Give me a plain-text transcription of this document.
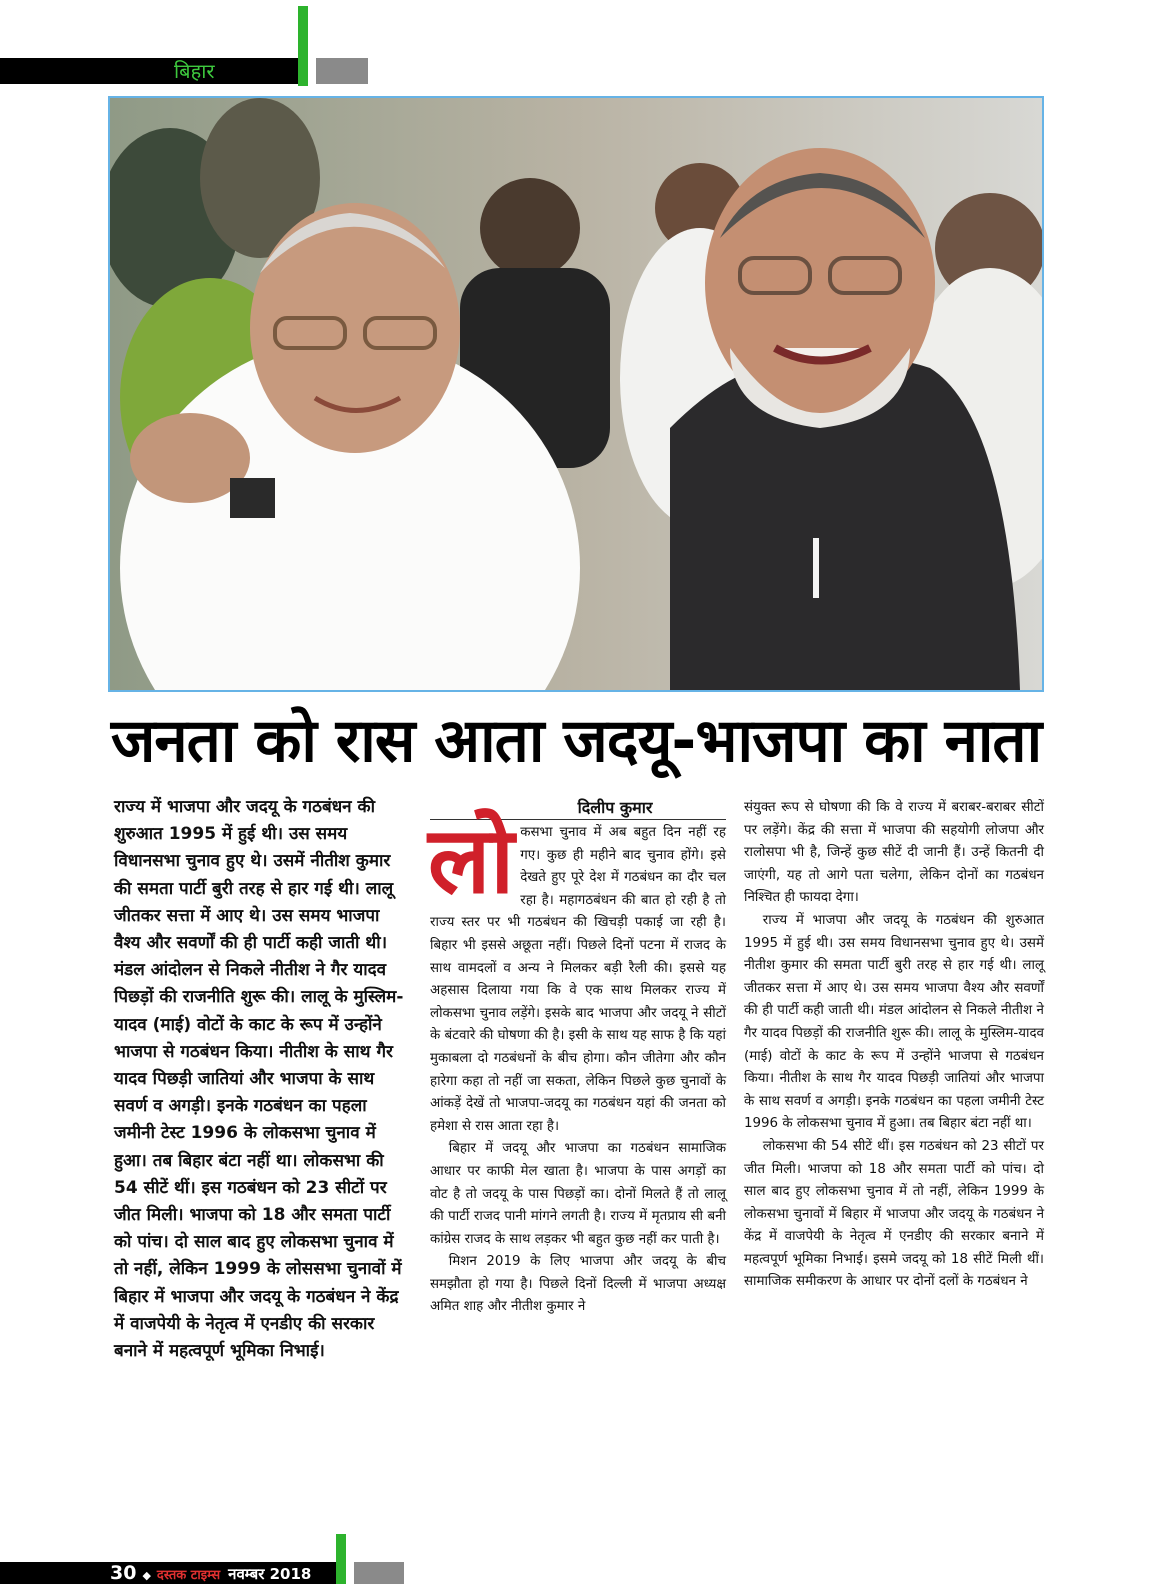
बिहार
जनता को रास आता जदयू-भाजपा का नाता
राज्य में भाजपा और जदयू के गठबंधन की शुरुआत 1995 में हुई थी। उस समय विधानसभा चुनाव हुए थे। उसमें नीतीश कुमार की समता पार्टी बुरी तरह से हार गई थी। लालू जीतकर सत्ता में आए थे। उस समय भाजपा वैश्य और सवर्णों की ही पार्टी कही जाती थी। मंडल आंदोलन से निकले नीतीश ने गैर यादव पिछड़ों की राजनीति शुरू की। लालू के मुस्लिम-यादव (माई) वोटों के काट के रूप में उन्होंने भाजपा से गठबंधन किया। नीतीश के साथ गैर यादव पिछड़ी जातियां और भाजपा के साथ सवर्ण व अगड़ी। इनके गठबंधन का पहला जमीनी टेस्ट 1996 के लोकसभा चुनाव में हुआ। तब बिहार बंटा नहीं था। लोकसभा की 54 सीटें थीं। इस गठबंधन को 23 सीटों पर जीत मिली। भाजपा को 18 और समता पार्टी को पांच। दो साल बाद हुए लोकसभा चुनाव में तो नहीं, लेकिन 1999 के लोससभा चुनावों में बिहार में भाजपा और जदयू के गठबंधन ने केंद्र में वाजपेयी के नेतृत्व में एनडीए की सरकार बनाने में महत्वपूर्ण भूमिका निभाई।
दिलीप कुमार
लो कसभा चुनाव में अब बहुत दिन नहीं रह गए। कुछ ही महीने बाद चुनाव होंगे। इसे देखते हुए पूरे देश में गठबंधन का दौर चल रहा है। महागठबंधन की बात हो रही है तो राज्य स्तर पर भी गठबंधन की खिचड़ी पकाई जा रही है। बिहार भी इससे अछूता नहीं। पिछले दिनों पटना में राजद के साथ वामदलों व अन्य ने मिलकर बड़ी रैली की। इससे यह अहसास दिलाया गया कि वे एक साथ मिलकर राज्य में लोकसभा चुनाव लड़ेंगे। इसके बाद भाजपा और जदयू ने सीटों के बंटवारे की घोषणा की है। इसी के साथ यह साफ है कि यहां मुकाबला दो गठबंधनों के बीच होगा। कौन जीतेगा और कौन हारेगा कहा तो नहीं जा सकता, लेकिन पिछले कुछ चुनावों के आंकड़ें देखें तो भाजपा-जदयू का गठबंधन यहां की जनता को हमेशा से रास आता रहा है।

बिहार में जदयू और भाजपा का गठबंधन सामाजिक आधार पर काफी मेल खाता है। भाजपा के पास अगड़ों का वोट है तो जदयू के पास पिछड़ों का। दोनों मिलते हैं तो लालू की पार्टी राजद पानी मांगने लगती है। राज्य में मृतप्राय सी बनी कांग्रेस राजद के साथ लड़कर भी बहुत कुछ नहीं कर पाती है।

मिशन 2019 के लिए भाजपा और जदयू के बीच समझौता हो गया है। पिछले दिनों दिल्ली में भाजपा अध्यक्ष अमित शाह और नीतीश कुमार ने

संयुक्त रूप से घोषणा की कि वे राज्य में बराबर-बराबर सीटों पर लड़ेंगे। केंद्र की सत्ता में भाजपा की सहयोगी लोजपा और रालोसपा भी है, जिन्हें कुछ सीटें दी जानी हैं। उन्हें कितनी दी जाएंगी, यह तो आगे पता चलेगा, लेकिन दोनों का गठबंधन निश्चित ही फायदा देगा।

राज्य में भाजपा और जदयू के गठबंधन की शुरुआत 1995 में हुई थी। उस समय विधानसभा चुनाव हुए थे। उसमें नीतीश कुमार की समता पार्टी बुरी तरह से हार गई थी। लालू जीतकर सत्ता में आए थे। उस समय भाजपा वैश्य और सवर्णों की ही पार्टी कही जाती थी। मंडल आंदोलन से निकले नीतीश ने गैर यादव पिछड़ों की राजनीति शुरू की। लालू के मुस्लिम-यादव (माई) वोटों के काट के रूप में उन्होंने भाजपा से गठबंधन किया। नीतीश के साथ गैर यादव पिछड़ी जातियां और भाजपा के साथ सवर्ण व अगड़ी। इनके गठबंधन का पहला जमीनी टेस्ट 1996 के लोकसभा चुनाव में हुआ। तब बिहार बंटा नहीं था।

लोकसभा की 54 सीटें थीं। इस गठबंधन को 23 सीटों पर जीत मिली। भाजपा को 18 और समता पार्टी को पांच। दो साल बाद हुए लोकसभा चुनाव में तो नहीं, लेकिन 1999 के लोकसभा चुनावों में बिहार में भाजपा और जदयू के गठबंधन ने केंद्र में वाजपेयी के नेतृत्व में एनडीए की सरकार बनाने में महत्वपूर्ण भूमिका निभाई। इसमे जदयू को 18 सीटें मिली थीं। सामाजिक समीकरण के आधार पर दोनों दलों के गठबंधन ने

30 ◆ दस्तक टाइम्स नवम्बर 2018
